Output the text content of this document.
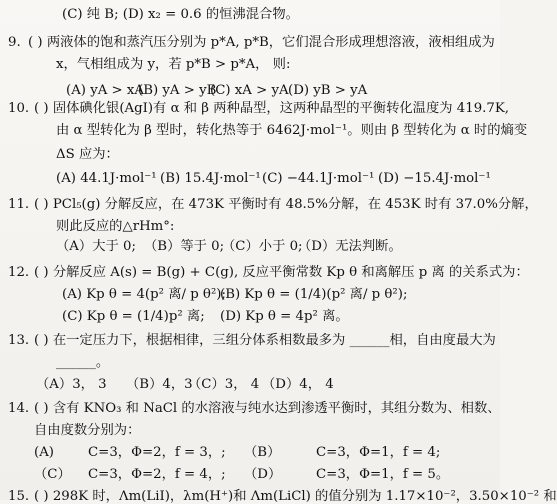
(C) 纯 B; (D) x₂ = 0.6 的恒沸混合物。
9. ( ) 两液体的饱和蒸汽压分别为 p*A, p*B，它们混合形成理想溶液，液相组成为
x，气相组成为 y，若 p*B > p*A， 则:
(A) yA > xA
(B) yA > yB
(C) xA > yA (D) yB > yA
10. ( ) 固体碘化银(AgI)有 α 和 β 两种晶型，这两种晶型的平衡转化温度为 419.7K,
由 α 型转化为 β 型时，转化热等于 6462J·mol⁻¹。则由 β 型转化为 α 时的熵变
ΔS 应为：
(A) 44.1J·mol⁻¹ (B) 15.4J·mol⁻¹ (C) −44.1J·mol⁻¹ (D) −15.4J·mol⁻¹
11. ( ) PCl₅(g) 分解反应，在 473K 平衡时有 48.5%分解，在 453K 时有 37.0%分解，
则此反应的△rHm°:
（A）大于 0; （B）等于 0;
（C）小于 0;
（D）无法判断。
12. ( ) 分解反应 A(s) = B(g) + C(g), 反应平衡常数 Kp θ 和离解压 p 离 的关系式为：
(A) Kp θ = 4(p² 离/ p θ²);
(B) Kp θ = (1/4)(p² 离/ p θ²);
(C) Kp θ = (1/4)p² 离; (D) Kp θ = 4p² 离。
13. ( ) 在一定压力下，根据相律，三组分体系相数最多为 ______相，自由度最大为
______。
（A）3， 3 （B）4，3
（C）3， 4 （D）4， 4
14. ( ) 含有 KNO₃ 和 NaCl 的水溶液与纯水达到渗透平衡时，其组分数为、相数、
自由度数分别为：
(A)	C=3，Φ=2，f = 3，; （B）	C=3，Φ=1，f = 4;
（C） C=3，Φ=2，f = 4，; （D）	C=3，Φ=1，f = 5。
15. ( ) 298K 时，Λm(LiI)，λm(H⁺)和 Λm(LiCl) 的值分别为 1.17×10⁻²，3.50×10⁻² 和
